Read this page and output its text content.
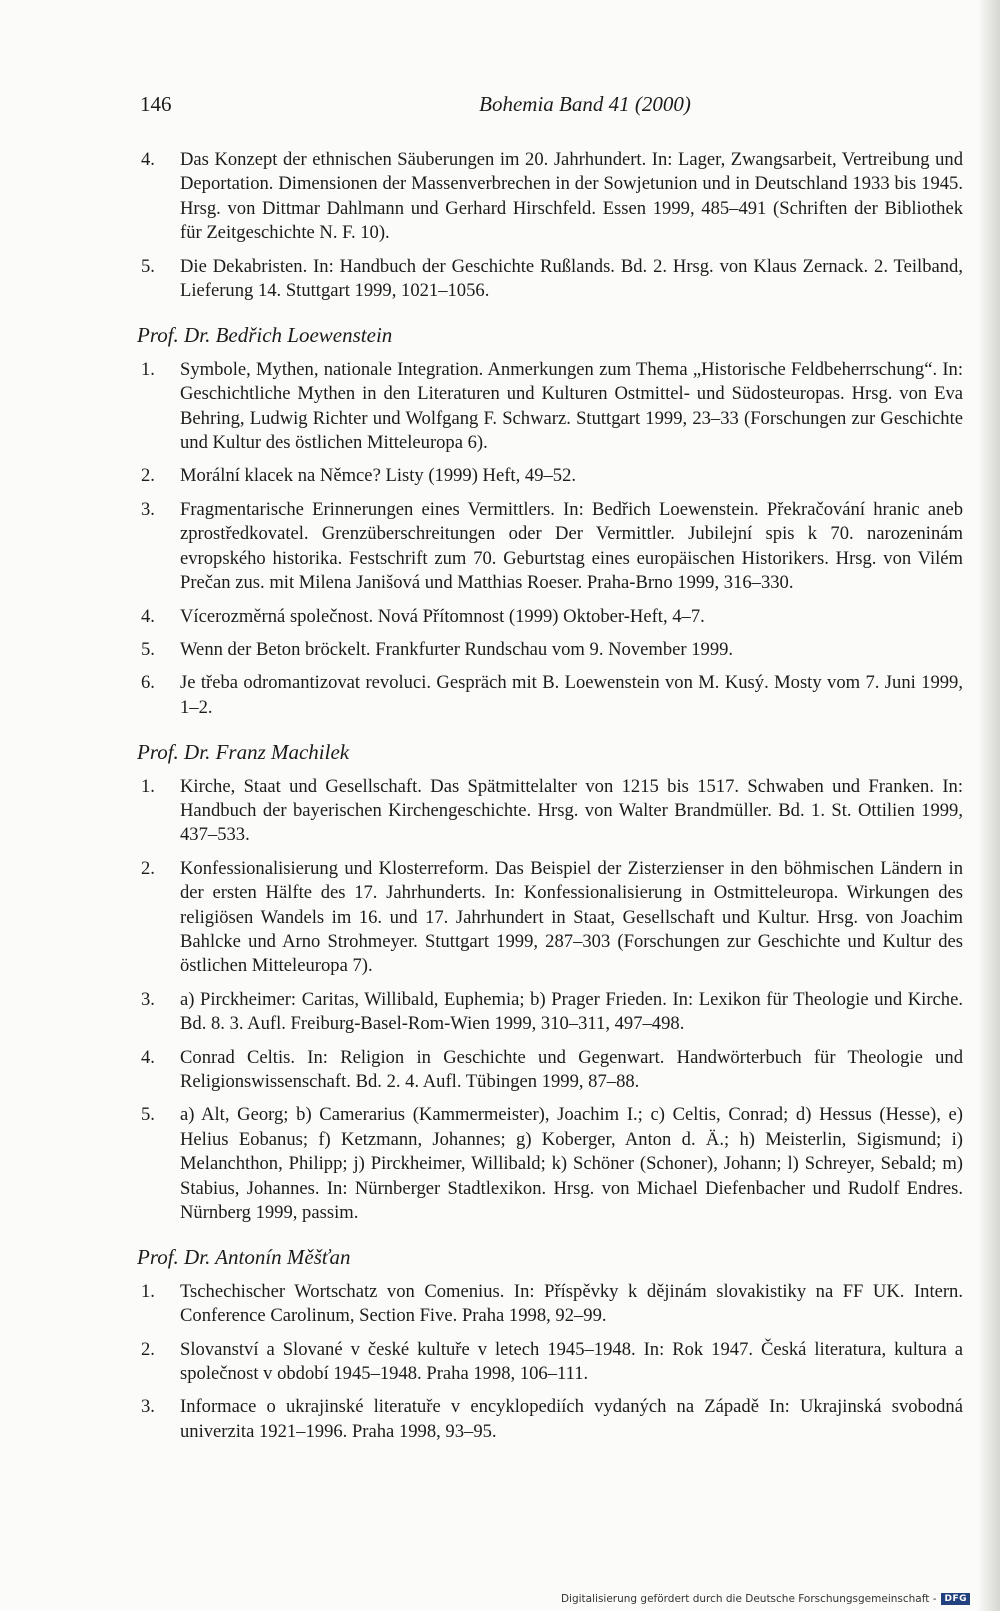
146	Bohemia Band 41 (2000)
4. Das Konzept der ethnischen Säuberungen im 20. Jahrhundert. In: Lager, Zwangsarbeit, Vertreibung und Deportation. Dimensionen der Massenverbrechen in der Sowjetunion und in Deutschland 1933 bis 1945. Hrsg. von Dittmar Dahlmann und Gerhard Hirschfeld. Essen 1999, 485–491 (Schriften der Bibliothek für Zeitgeschichte N. F. 10).
5. Die Dekabristen. In: Handbuch der Geschichte Rußlands. Bd. 2. Hrsg. von Klaus Zernack. 2. Teilband, Lieferung 14. Stuttgart 1999, 1021–1056.
Prof. Dr. Bedřich Loewenstein
1. Symbole, Mythen, nationale Integration. Anmerkungen zum Thema „Historische Feldbeherrschung“. In: Geschichtliche Mythen in den Literaturen und Kulturen Ostmittel- und Südosteuropas. Hrsg. von Eva Behring, Ludwig Richter und Wolfgang F. Schwarz. Stuttgart 1999, 23–33 (Forschungen zur Geschichte und Kultur des östlichen Mitteleuropa 6).
2. Morální klacek na Němce? Listy (1999) Heft, 49–52.
3. Fragmentarische Erinnerungen eines Vermittlers. In: Bedřich Loewenstein. Překračování hranic aneb zprostředkovatel. Grenzüberschreitungen oder Der Vermittler. Jubilejní spis k 70. narozeninám evropského historika. Festschrift zum 70. Geburtstag eines europäischen Historikers. Hrsg. von Vilém Prečan zus. mit Milena Janišová und Matthias Roeser. Praha-Brno 1999, 316–330.
4. Vícerozměrná společnost. Nová Přítomnost (1999) Oktober-Heft, 4–7.
5. Wenn der Beton bröckelt. Frankfurter Rundschau vom 9. November 1999.
6. Je třeba odromantizovat revoluci. Gespräch mit B. Loewenstein von M. Kusý. Mosty vom 7. Juni 1999, 1–2.
Prof. Dr. Franz Machilek
1. Kirche, Staat und Gesellschaft. Das Spätmittelalter von 1215 bis 1517. Schwaben und Franken. In: Handbuch der bayerischen Kirchengeschichte. Hrsg. von Walter Brandmüller. Bd. 1. St. Ottilien 1999, 437–533.
2. Konfessionalisierung und Klosterreform. Das Beispiel der Zisterzienser in den böhmischen Ländern in der ersten Hälfte des 17. Jahrhunderts. In: Konfessionalisierung in Ostmitteleuropa. Wirkungen des religiösen Wandels im 16. und 17. Jahrhundert in Staat, Gesellschaft und Kultur. Hrsg. von Joachim Bahlcke und Arno Strohmeyer. Stuttgart 1999, 287–303 (Forschungen zur Geschichte und Kultur des östlichen Mitteleuropa 7).
3. a) Pirckheimer: Caritas, Willibald, Euphemia; b) Prager Frieden. In: Lexikon für Theologie und Kirche. Bd. 8. 3. Aufl. Freiburg-Basel-Rom-Wien 1999, 310–311, 497–498.
4. Conrad Celtis. In: Religion in Geschichte und Gegenwart. Handwörterbuch für Theologie und Religionswissenschaft. Bd. 2. 4. Aufl. Tübingen 1999, 87–88.
5. a) Alt, Georg; b) Camerarius (Kammermeister), Joachim I.; c) Celtis, Conrad; d) Hessus (Hesse), e) Helius Eobanus; f) Ketzmann, Johannes; g) Koberger, Anton d. Ä.; h) Meisterlin, Sigismund; i) Melanchthon, Philipp; j) Pirckheimer, Willibald; k) Schöner (Schoner), Johann; l) Schreyer, Sebald; m) Stabius, Johannes. In: Nürnberger Stadtlexikon. Hrsg. von Michael Diefenbacher und Rudolf Endres. Nürnberg 1999, passim.
Prof. Dr. Antonín Měšťan
1. Tschechischer Wortschatz von Comenius. In: Příspěvky k dějinám slovakistiky na FF UK. Intern. Conference Carolinum, Section Five. Praha 1998, 92–99.
2. Slovanství a Slované v české kultuře v letech 1945–1948. In: Rok 1947. Česká literatura, kultura a společnost v období 1945–1948. Praha 1998, 106–111.
3. Informace o ukrajinské literatuře v encyklopediích vydaných na Západě In: Ukrajinská svobodná univerzita 1921–1996. Praha 1998, 93–95.
Digitalisierung gefördert durch die Deutsche Forschungsgemeinschaft - DFG
